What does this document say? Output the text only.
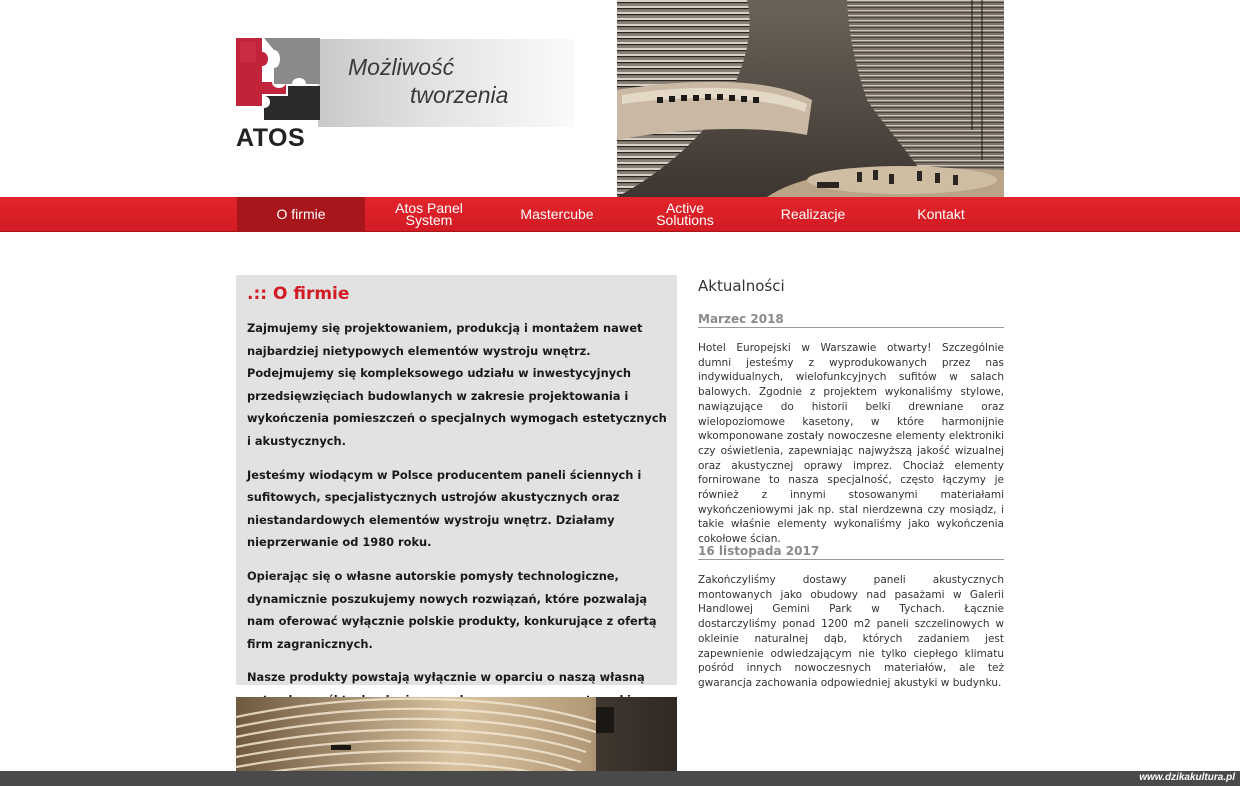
ATOS
Możliwość
tworzenia
O firmie	Atos Panel
System	Mastercube	Active
Solutions	Realizacje	Kontakt
.:: O firmie

Zajmujemy się projektowaniem, produkcją i montażem nawet najbardziej nietypowych elementów wystroju wnętrz. Podejmujemy się kompleksowego udziału w inwestycyjnych przedsięwzięciach budowlanych w zakresie projektowania i wykończenia pomieszczeń o specjalnych wymogach estetycznych i akustycznych.

Jesteśmy wiodącym w Polsce producentem paneli ściennych i sufitowych, specjalistycznych ustrojów akustycznych oraz niestandardowych elementów wystroju wnętrz. Działamy nieprzerwanie od 1980 roku.

Opierając się o własne autorskie pomysły technologiczne, dynamicznie poszukujemy nowych rozwiązań, które pozwalają nam oferować wyłącznie polskie produkty, konkurujące z ofertą firm zagranicznych.

Nasze produkty powstają wyłącznie w oparciu o naszą własną

Aktualności
Marzec 2018

Hotel Europejski w Warszawie otwarty! Szczególnie dumni jesteśmy z wyprodukowanych przez nas indywidualnych, wielofunkcyjnych sufitów w salach balowych. Zgodnie z projektem wykonaliśmy stylowe, nawiązujące do historii belki drewniane oraz wielopoziomowe kasetony, w które harmonijnie wkomponowane zostały nowoczesne elementy elektroniki czy oświetlenia, zapewniając najwyższą jakość wizualnej oraz akustycznej oprawy imprez. Chociaż elementy fornirowane to nasza specjalność, często łączymy je również z innymi stosowanymi materiałami wykończeniowymi jak np. stal nierdzewna czy mosiądz, i takie właśnie elementy wykonaliśmy jako wykończenia cokołowe ścian.

16 listopada 2017

Zakończyliśmy dostawy paneli akustycznych montowanych jako obudowy nad pasażami w Galerii Handlowej Gemini Park w Tychach. Łącznie dostarczyliśmy ponad 1200 m2 paneli szczelinowych w okleinie naturalnej dąb, których zadaniem jest zapewnienie odwiedzającym nie tylko ciepłego klimatu pośród innych nowoczesnych materiałów, ale też gwarancja zachowania odpowiedniej akustyki w budynku.

www.dzikakultura.pl
